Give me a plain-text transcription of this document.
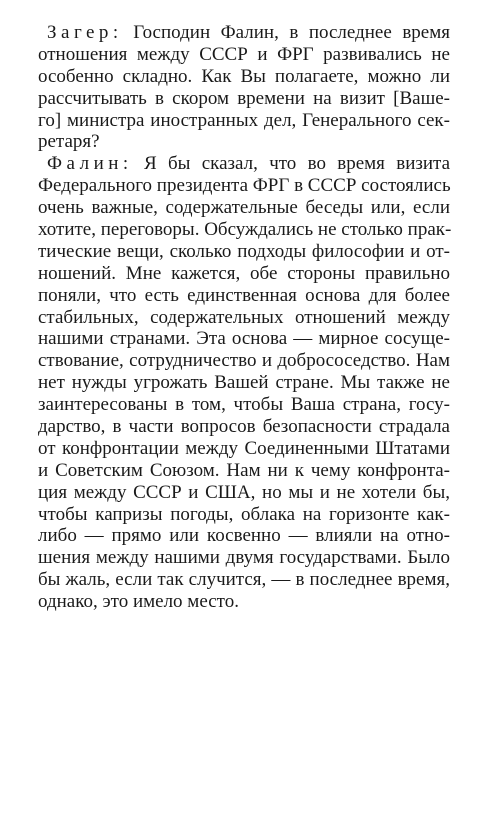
Загер: Господин Фалин, в последнее время
отношения между СССР и ФРГ развивались не
особенно складно. Как Вы полагаете, можно ли
рассчитывать в скором времени на визит [Ваше-
го] министра иностранных дел, Генерального сек-
ретаря?
Фалин: Я бы сказал, что во время визита
Федерального президента ФРГ в СССР состоялись
очень важные, содержательные беседы или, если
хотите, переговоры. Обсуждались не столько прак-
тические вещи, сколько подходы философии и от-
ношений. Мне кажется, обе стороны правильно
поняли, что есть единственная основа для более
стабильных, содержательных отношений между
нашими странами. Эта основа — мирное сосуще-
ствование, сотрудничество и добрососедство. Нам
нет нужды угрожать Вашей стране. Мы также не
заинтересованы в том, чтобы Ваша страна, госу-
дарство, в части вопросов безопасности страдала
от конфронтации между Соединенными Штатами
и Советским Союзом. Нам ни к чему конфронта-
ция между СССР и США, но мы и не хотели бы,
чтобы капризы погоды, облака на горизонте как-
либо — прямо или косвенно — влияли на отно-
шения между нашими двумя государствами. Было
бы жаль, если так случится, — в последнее время,
однако, это имело место.
